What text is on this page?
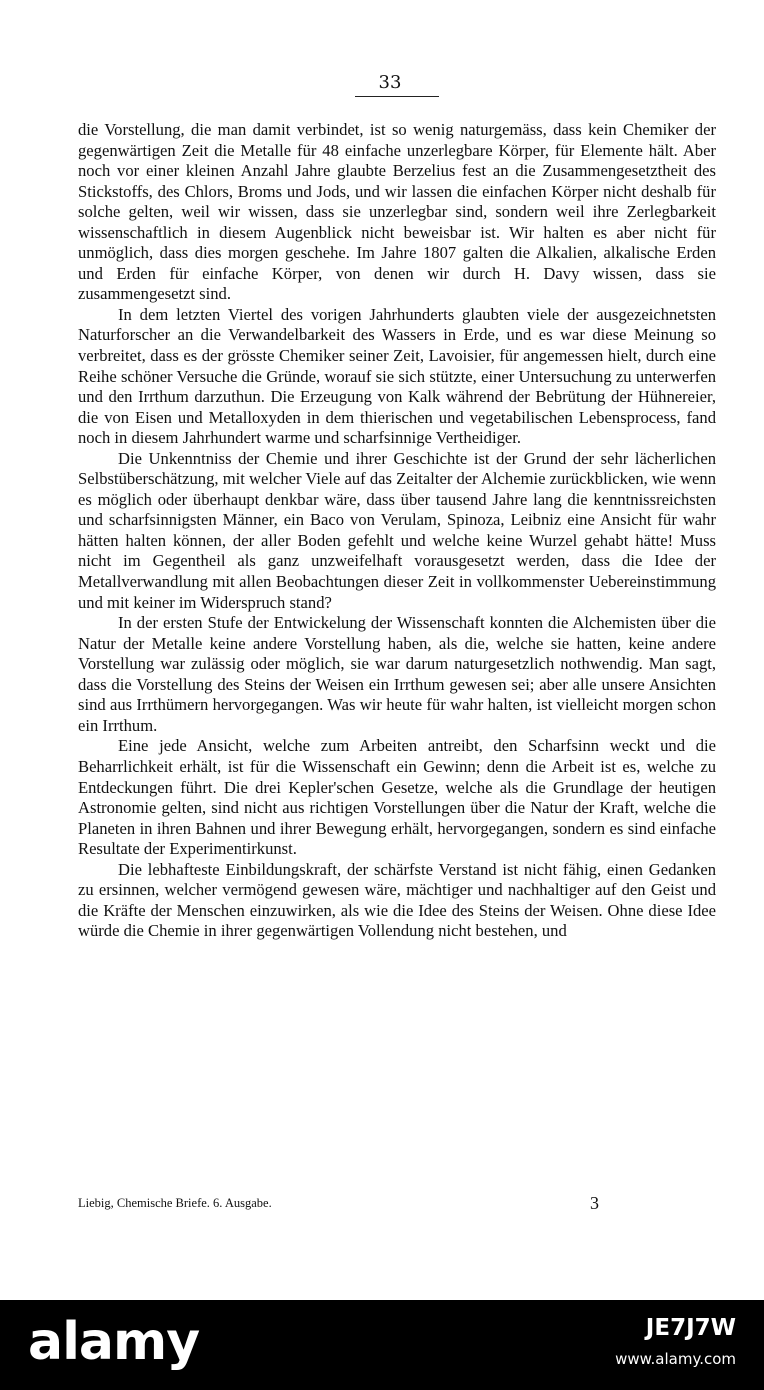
33

die Vorstellung, die man damit verbindet, ist so wenig naturgemäss, dass kein Chemiker der gegenwärtigen Zeit die Metalle für 48 einfache unzerlegbare Körper, für Elemente hält. Aber noch vor einer kleinen Anzahl Jahre glaubte Berzelius fest an die Zusammengesetztheit des Stickstoffs, des Chlors, Broms und Jods, und wir lassen die einfachen Körper nicht deshalb für solche gelten, weil wir wissen, dass sie unzerlegbar sind, sondern weil ihre Zerlegbarkeit wissenschaftlich in diesem Augenblick nicht beweisbar ist. Wir halten es aber nicht für unmöglich, dass dies morgen geschehe. Im Jahre 1807 galten die Alkalien, alkalische Erden und Erden für einfache Körper, von denen wir durch H. Davy wissen, dass sie zusammengesetzt sind.

In dem letzten Viertel des vorigen Jahrhunderts glaubten viele der ausgezeichnetsten Naturforscher an die Verwandelbarkeit des Wassers in Erde, und es war diese Meinung so verbreitet, dass es der grösste Chemiker seiner Zeit, Lavoisier, für angemessen hielt, durch eine Reihe schöner Versuche die Gründe, worauf sie sich stützte, einer Untersuchung zu unterwerfen und den Irrthum darzuthun. Die Erzeugung von Kalk während der Bebrütung der Hühnereier, die von Eisen und Metalloxyden in dem thierischen und vegetabilischen Lebensprocess, fand noch in diesem Jahrhundert warme und scharfsinnige Vertheidiger.

Die Unkenntniss der Chemie und ihrer Geschichte ist der Grund der sehr lächerlichen Selbstüberschätzung, mit welcher Viele auf das Zeitalter der Alchemie zurückblicken, wie wenn es möglich oder überhaupt denkbar wäre, dass über tausend Jahre lang die kenntnissreichsten und scharfsinnigsten Männer, ein Baco von Verulam, Spinoza, Leibniz eine Ansicht für wahr hätten halten können, der aller Boden gefehlt und welche keine Wurzel gehabt hätte! Muss nicht im Gegentheil als ganz unzweifelhaft vorausgesetzt werden, dass die Idee der Metallverwandlung mit allen Beobachtungen dieser Zeit in vollkommenster Uebereinstimmung und mit keiner im Widerspruch stand?

In der ersten Stufe der Entwickelung der Wissenschaft konnten die Alchemisten über die Natur der Metalle keine andere Vorstellung haben, als die, welche sie hatten, keine andere Vorstellung war zulässig oder möglich, sie war darum naturgesetzlich nothwendig. Man sagt, dass die Vorstellung des Steins der Weisen ein Irrthum gewesen sei; aber alle unsere Ansichten sind aus Irrthümern hervorgegangen. Was wir heute für wahr halten, ist vielleicht morgen schon ein Irrthum.

Eine jede Ansicht, welche zum Arbeiten antreibt, den Scharfsinn weckt und die Beharrlichkeit erhält, ist für die Wissenschaft ein Gewinn; denn die Arbeit ist es, welche zu Entdeckungen führt. Die drei Kepler'schen Gesetze, welche als die Grundlage der heutigen Astronomie gelten, sind nicht aus richtigen Vorstellungen über die Natur der Kraft, welche die Planeten in ihren Bahnen und ihrer Bewegung erhält, hervorgegangen, sondern es sind einfache Resultate der Experimentirkunst.

Die lebhafteste Einbildungskraft, der schärfste Verstand ist nicht fähig, einen Gedanken zu ersinnen, welcher vermögend gewesen wäre, mächtiger und nachhaltiger auf den Geist und die Kräfte der Menschen einzuwirken, als wie die Idee des Steins der Weisen. Ohne diese Idee würde die Chemie in ihrer gegenwärtigen Vollendung nicht bestehen, und

Liebig, Chemische Briefe. 6. Ausgabe.	3
alamy	JE7J7W
www.alamy.com
